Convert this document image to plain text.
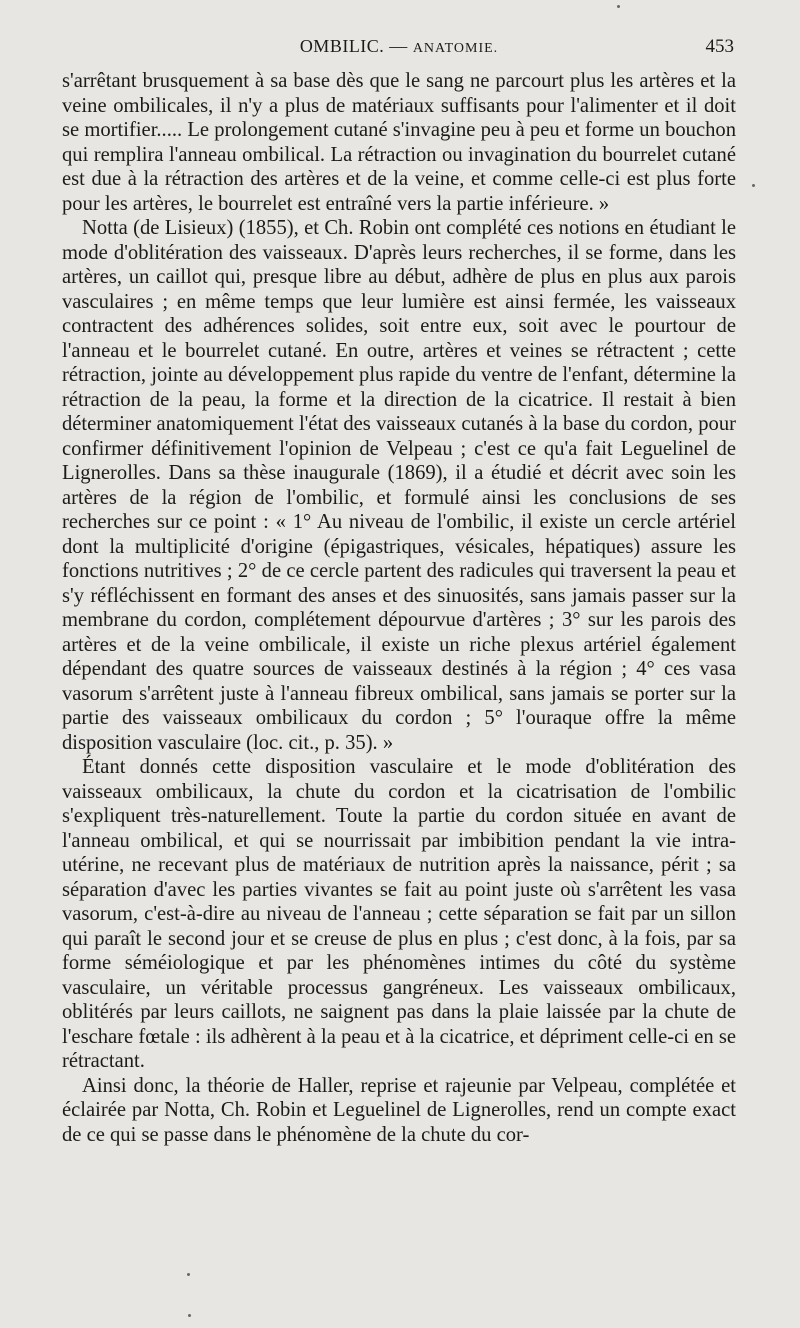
OMBILIC. — ANATOMIE.	453

s'arrêtant brusquement à sa base dès que le sang ne parcourt plus les artères et la veine ombilicales, il n'y a plus de matériaux suffisants pour l'alimenter et il doit se mortifier..... Le prolongement cutané s'invagine peu à peu et forme un bouchon qui remplira l'anneau ombilical. La rétraction ou invagination du bourrelet cutané est due à la rétraction des artères et de la veine, et comme celle-ci est plus forte pour les artères, le bourrelet est entraîné vers la partie inférieure. »

Notta (de Lisieux) (1855), et Ch. Robin ont complété ces notions en étudiant le mode d'oblitération des vaisseaux. D'après leurs recherches, il se forme, dans les artères, un caillot qui, presque libre au début, adhère de plus en plus aux parois vasculaires ; en même temps que leur lumière est ainsi fermée, les vaisseaux contractent des adhérences solides, soit entre eux, soit avec le pourtour de l'anneau et le bourrelet cutané. En outre, artères et veines se rétractent ; cette rétraction, jointe au développement plus rapide du ventre de l'enfant, détermine la rétraction de la peau, la forme et la direction de la cicatrice. Il restait à bien déterminer anatomiquement l'état des vaisseaux cutanés à la base du cordon, pour confirmer définitivement l'opinion de Velpeau ; c'est ce qu'a fait Leguelinel de Lignerolles. Dans sa thèse inaugurale (1869), il a étudié et décrit avec soin les artères de la région de l'ombilic, et formulé ainsi les conclusions de ses recherches sur ce point : « 1° Au niveau de l'ombilic, il existe un cercle artériel dont la multiplicité d'origine (épigastriques, vésicales, hépatiques) assure les fonctions nutritives ; 2° de ce cercle partent des radicules qui traversent la peau et s'y réfléchissent en formant des anses et des sinuosités, sans jamais passer sur la membrane du cordon, complétement dépourvue d'artères ; 3° sur les parois des artères et de la veine ombilicale, il existe un riche plexus artériel également dépendant des quatre sources de vaisseaux destinés à la région ; 4° ces vasa vasorum s'arrêtent juste à l'anneau fibreux ombilical, sans jamais se porter sur la partie des vaisseaux ombilicaux du cordon ; 5° l'ouraque offre la même disposition vasculaire (loc. cit., p. 35). »

Étant donnés cette disposition vasculaire et le mode d'oblitération des vaisseaux ombilicaux, la chute du cordon et la cicatrisation de l'ombilic s'expliquent très-naturellement. Toute la partie du cordon située en avant de l'anneau ombilical, et qui se nourrissait par imbibition pendant la vie intra-utérine, ne recevant plus de matériaux de nutrition après la naissance, périt ; sa séparation d'avec les parties vivantes se fait au point juste où s'arrêtent les vasa vasorum, c'est-à-dire au niveau de l'anneau ; cette séparation se fait par un sillon qui paraît le second jour et se creuse de plus en plus ; c'est donc, à la fois, par sa forme séméiologique et par les phénomènes intimes du côté du système vasculaire, un véritable processus gangréneux. Les vaisseaux ombilicaux, oblitérés par leurs caillots, ne saignent pas dans la plaie laissée par la chute de l'eschare fœtale : ils adhèrent à la peau et à la cicatrice, et dépriment celle-ci en se rétractant.

Ainsi donc, la théorie de Haller, reprise et rajeunie par Velpeau, complétée et éclairée par Notta, Ch. Robin et Leguelinel de Lignerolles, rend un compte exact de ce qui se passe dans le phénomène de la chute du cor-
